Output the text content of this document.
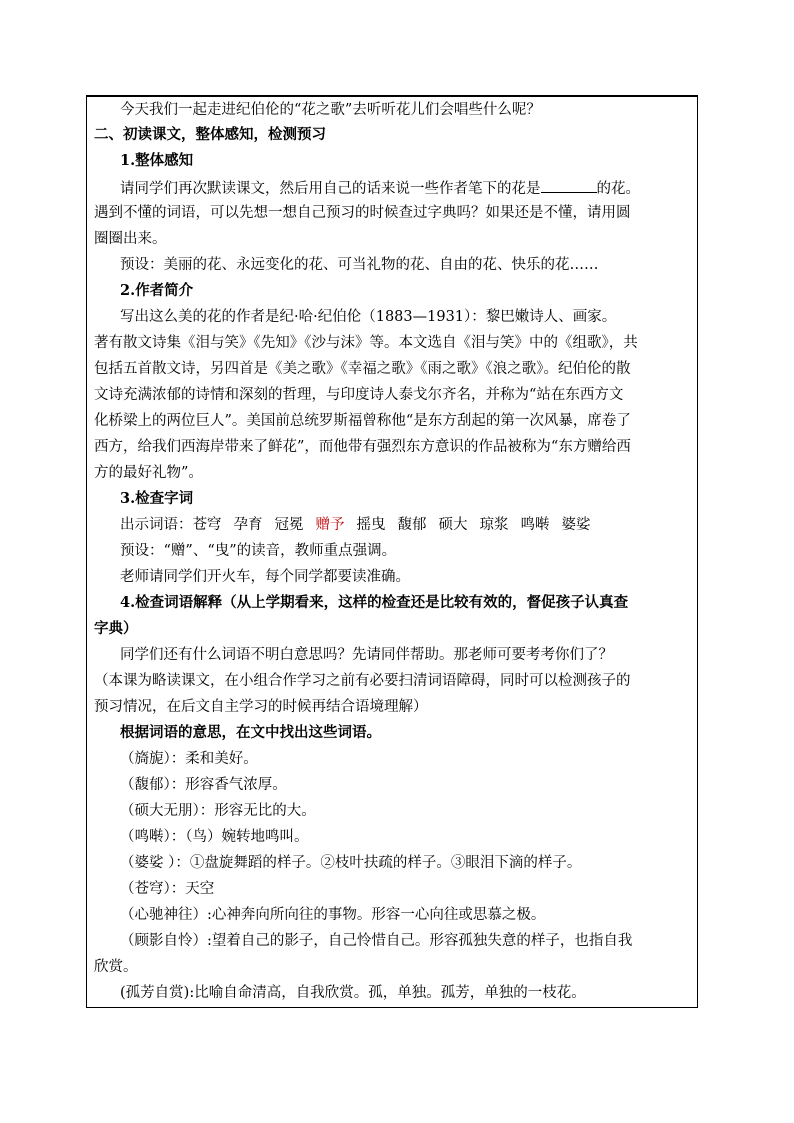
今天我们一起走进纪伯伦的“花之歌”去听听花儿们会唱些什么呢？
二、初读课文，整体感知，检测预习
1.整体感知
请同学们再次默读课文，然后用自己的话来说一些作者笔下的花是	的花。
遇到不懂的词语，可以先想一想自己预习的时候查过字典吗？如果还是不懂，请用圆
圈圈出来。
预设：美丽的花、永远变化的花、可当礼物的花、自由的花、快乐的花……
2.作者简介
写出这么美的花的作者是纪·哈·纪伯伦（1883—1931）：黎巴嫩诗人、画家。
著有散文诗集《泪与笑》《先知》《沙与沫》等。本文选自《泪与笑》中的《组歌》，共
包括五首散文诗，另四首是《美之歌》《幸福之歌》《雨之歌》《浪之歌》。纪伯伦的散
文诗充满浓郁的诗情和深刻的哲理，与印度诗人泰戈尔齐名，并称为“站在东西方文
化桥梁上的两位巨人”。美国前总统罗斯福曾称他“是东方刮起的第一次风暴，席卷了
西方，给我们西海岸带来了鲜花”，而他带有强烈东方意识的作品被称为“东方赠给西
方的最好礼物”。
3.检查字词
出示词语：苍穹 孕育 冠冕 赠予 摇曳 馥郁 硕大 琼浆 鸣啭 婆娑
预设：“赠”、“曳”的读音，教师重点强调。
老师请同学们开火车，每个同学都要读准确。
4.检查词语解释（从上学期看来，这样的检查还是比较有效的，督促孩子认真查
字典）
同学们还有什么词语不明白意思吗？先请同伴帮助。那老师可要考考你们了？
（本课为略读课文，在小组合作学习之前有必要扫清词语障碍，同时可以检测孩子的
预习情况，在后文自主学习的时候再结合语境理解）
根据词语的意思，在文中找出这些词语。
（旖旎）：柔和美好。
（馥郁）：形容香气浓厚。
（硕大无朋）：形容无比的大。
（鸣啭）：（鸟）婉转地鸣叫。
（婆娑 ）：①盘旋舞蹈的样子。②枝叶扶疏的样子。③眼泪下滴的样子。
（苍穹）：天空
（心驰神往）:心神奔向所向往的事物。形容一心向往或思慕之极。
（顾影自怜）:望着自己的影子，自己怜惜自己。形容孤独失意的样子，也指自我
欣赏。
(孤芳自赏):比喻自命清高，自我欣赏。孤，单独。孤芳，单独的一枝花。
